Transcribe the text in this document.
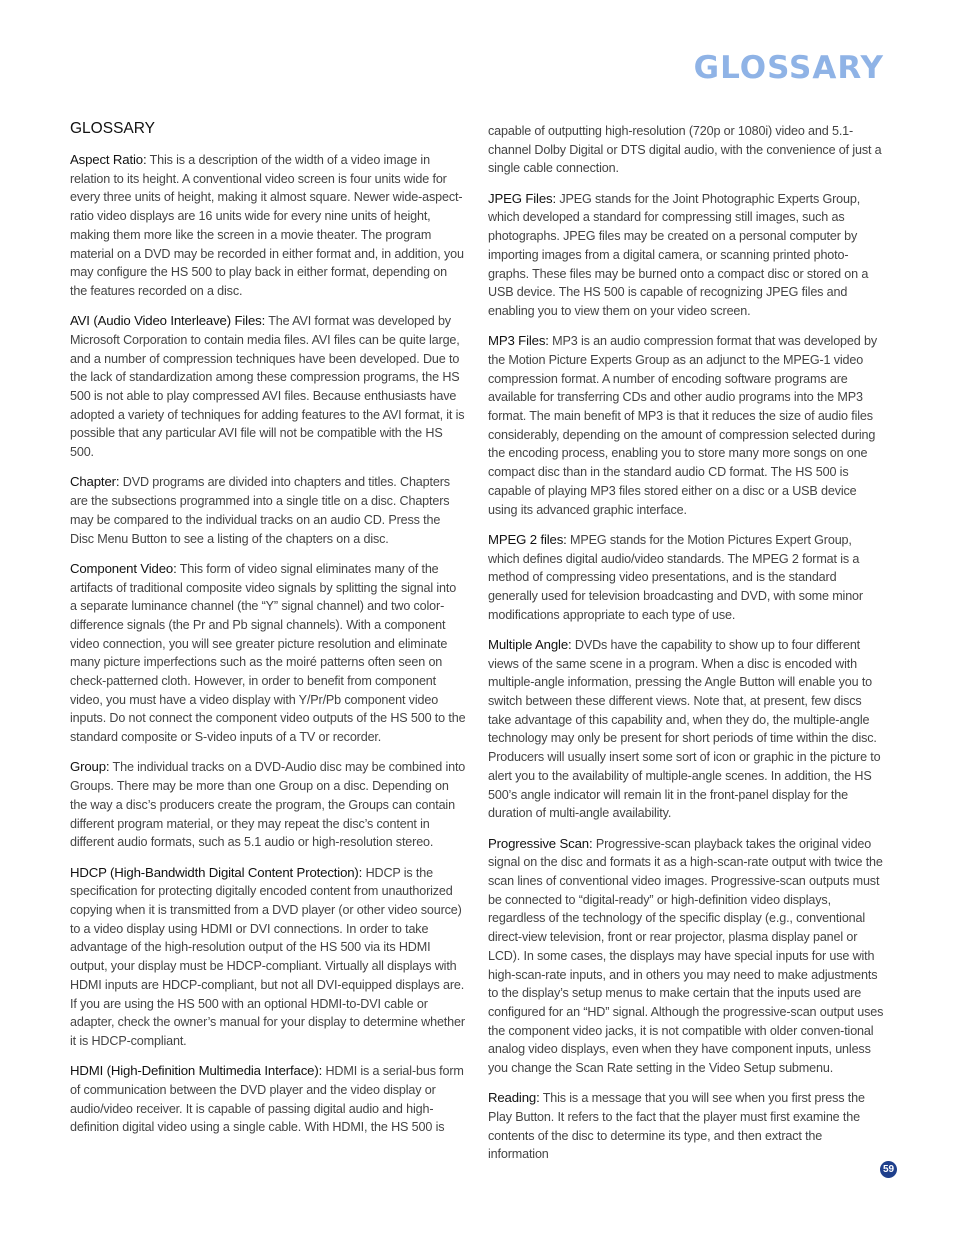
GLOSSARY
GLOSSARY

Aspect Ratio: This is a description of the width of a video image in relation to its height. A conventional video screen is four units wide for every three units of height, making it almost square. Newer wide-aspect-ratio video displays are 16 units wide for every nine units of height, making them more like the screen in a movie theater. The program material on a DVD may be recorded in either format and, in addition, you may configure the HS 500 to play back in either format, depending on the features recorded on a disc.

AVI (Audio Video Interleave) Files: The AVI format was developed by Microsoft Corporation to contain media files. AVI files can be quite large, and a number of compression techniques have been developed. Due to the lack of standardization among these compression programs, the HS 500 is not able to play compressed AVI files. Because enthusiasts have adopted a variety of techniques for adding features to the AVI format, it is possible that any particular AVI file will not be compatible with the HS 500.

Chapter: DVD programs are divided into chapters and titles. Chapters are the subsections programmed into a single title on a disc. Chapters may be compared to the individual tracks on an audio CD. Press the Disc Menu Button to see a listing of the chapters on a disc.

Component Video: This form of video signal eliminates many of the artifacts of traditional composite video signals by splitting the signal into a separate luminance channel (the “Y” signal channel) and two color-difference signals (the Pr and Pb signal channels). With a component video connection, you will see greater picture resolution and eliminate many picture imperfections such as the moiré patterns often seen on check-patterned cloth. However, in order to benefit from component video, you must have a video display with Y/Pr/Pb component video inputs. Do not connect the component video outputs of the HS 500 to the standard composite or S-video inputs of a TV or recorder.

Group: The individual tracks on a DVD-Audio disc may be combined into Groups. There may be more than one Group on a disc. Depending on the way a disc’s producers create the program, the Groups can contain different program material, or they may repeat the disc’s content in different audio formats, such as 5.1 audio or high-resolution stereo.

HDCP (High-Bandwidth Digital Content Protection): HDCP is the specification for protecting digitally encoded content from unauthorized copying when it is transmitted from a DVD player (or other video source) to a video display using HDMI or DVI connections. In order to take advantage of the high-resolution output of the HS 500 via its HDMI output, your display must be HDCP-compliant. Virtually all displays with HDMI inputs are HDCP-compliant, but not all DVI-equipped displays are. If you are using the HS 500 with an optional HDMI-to-DVI cable or adapter, check the owner’s manual for your display to determine whether it is HDCP-compliant.

HDMI (High-Definition Multimedia Interface): HDMI is a serial-bus form of communication between the DVD player and the video display or audio/video receiver. It is capable of passing digital audio and high-definition digital video using a single cable. With HDMI, the HS 500 is

capable of outputting high-resolution (720p or 1080i) video and 5.1-channel Dolby Digital or DTS digital audio, with the convenience of just a single cable connection.

JPEG Files: JPEG stands for the Joint Photographic Experts Group, which developed a standard for compressing still images, such as photographs. JPEG files may be created on a personal computer by importing images from a digital camera, or scanning printed photo-graphs. These files may be burned onto a compact disc or stored on a USB device. The HS 500 is capable of recognizing JPEG files and enabling you to view them on your video screen.

MP3 Files: MP3 is an audio compression format that was developed by the Motion Picture Experts Group as an adjunct to the MPEG-1 video compression format. A number of encoding software programs are available for transferring CDs and other audio programs into the MP3 format. The main benefit of MP3 is that it reduces the size of audio files considerably, depending on the amount of compression selected during the encoding process, enabling you to store many more songs on one compact disc than in the standard audio CD format. The HS 500 is capable of playing MP3 files stored either on a disc or a USB device using its advanced graphic interface.

MPEG 2 files: MPEG stands for the Motion Pictures Expert Group, which defines digital audio/video standards. The MPEG 2 format is a method of compressing video presentations, and is the standard generally used for television broadcasting and DVD, with some minor modifications appropriate to each type of use.

Multiple Angle: DVDs have the capability to show up to four different views of the same scene in a program. When a disc is encoded with multiple-angle information, pressing the Angle Button will enable you to switch between these different views. Note that, at present, few discs take advantage of this capability and, when they do, the multiple-angle technology may only be present for short periods of time within the disc. Producers will usually insert some sort of icon or graphic in the picture to alert you to the availability of multiple-angle scenes. In addition, the HS 500’s angle indicator will remain lit in the front-panel display for the duration of multi-angle availability.

Progressive Scan: Progressive-scan playback takes the original video signal on the disc and formats it as a high-scan-rate output with twice the scan lines of conventional video images. Progressive-scan outputs must be connected to “digital-ready” or high-definition video displays, regardless of the technology of the specific display (e.g., conventional direct-view television, front or rear projector, plasma display panel or LCD). In some cases, the displays may have special inputs for use with high-scan-rate inputs, and in others you may need to make adjustments to the display’s setup menus to make certain that the inputs used are configured for an “HD” signal. Although the progressive-scan output uses the component video jacks, it is not compatible with older conven-tional analog video displays, even when they have component inputs, unless you change the Scan Rate setting in the Video Setup submenu.

Reading: This is a message that you will see when you first press the Play Button. It refers to the fact that the player must first examine the contents of the disc to determine its type, and then extract the information

59
